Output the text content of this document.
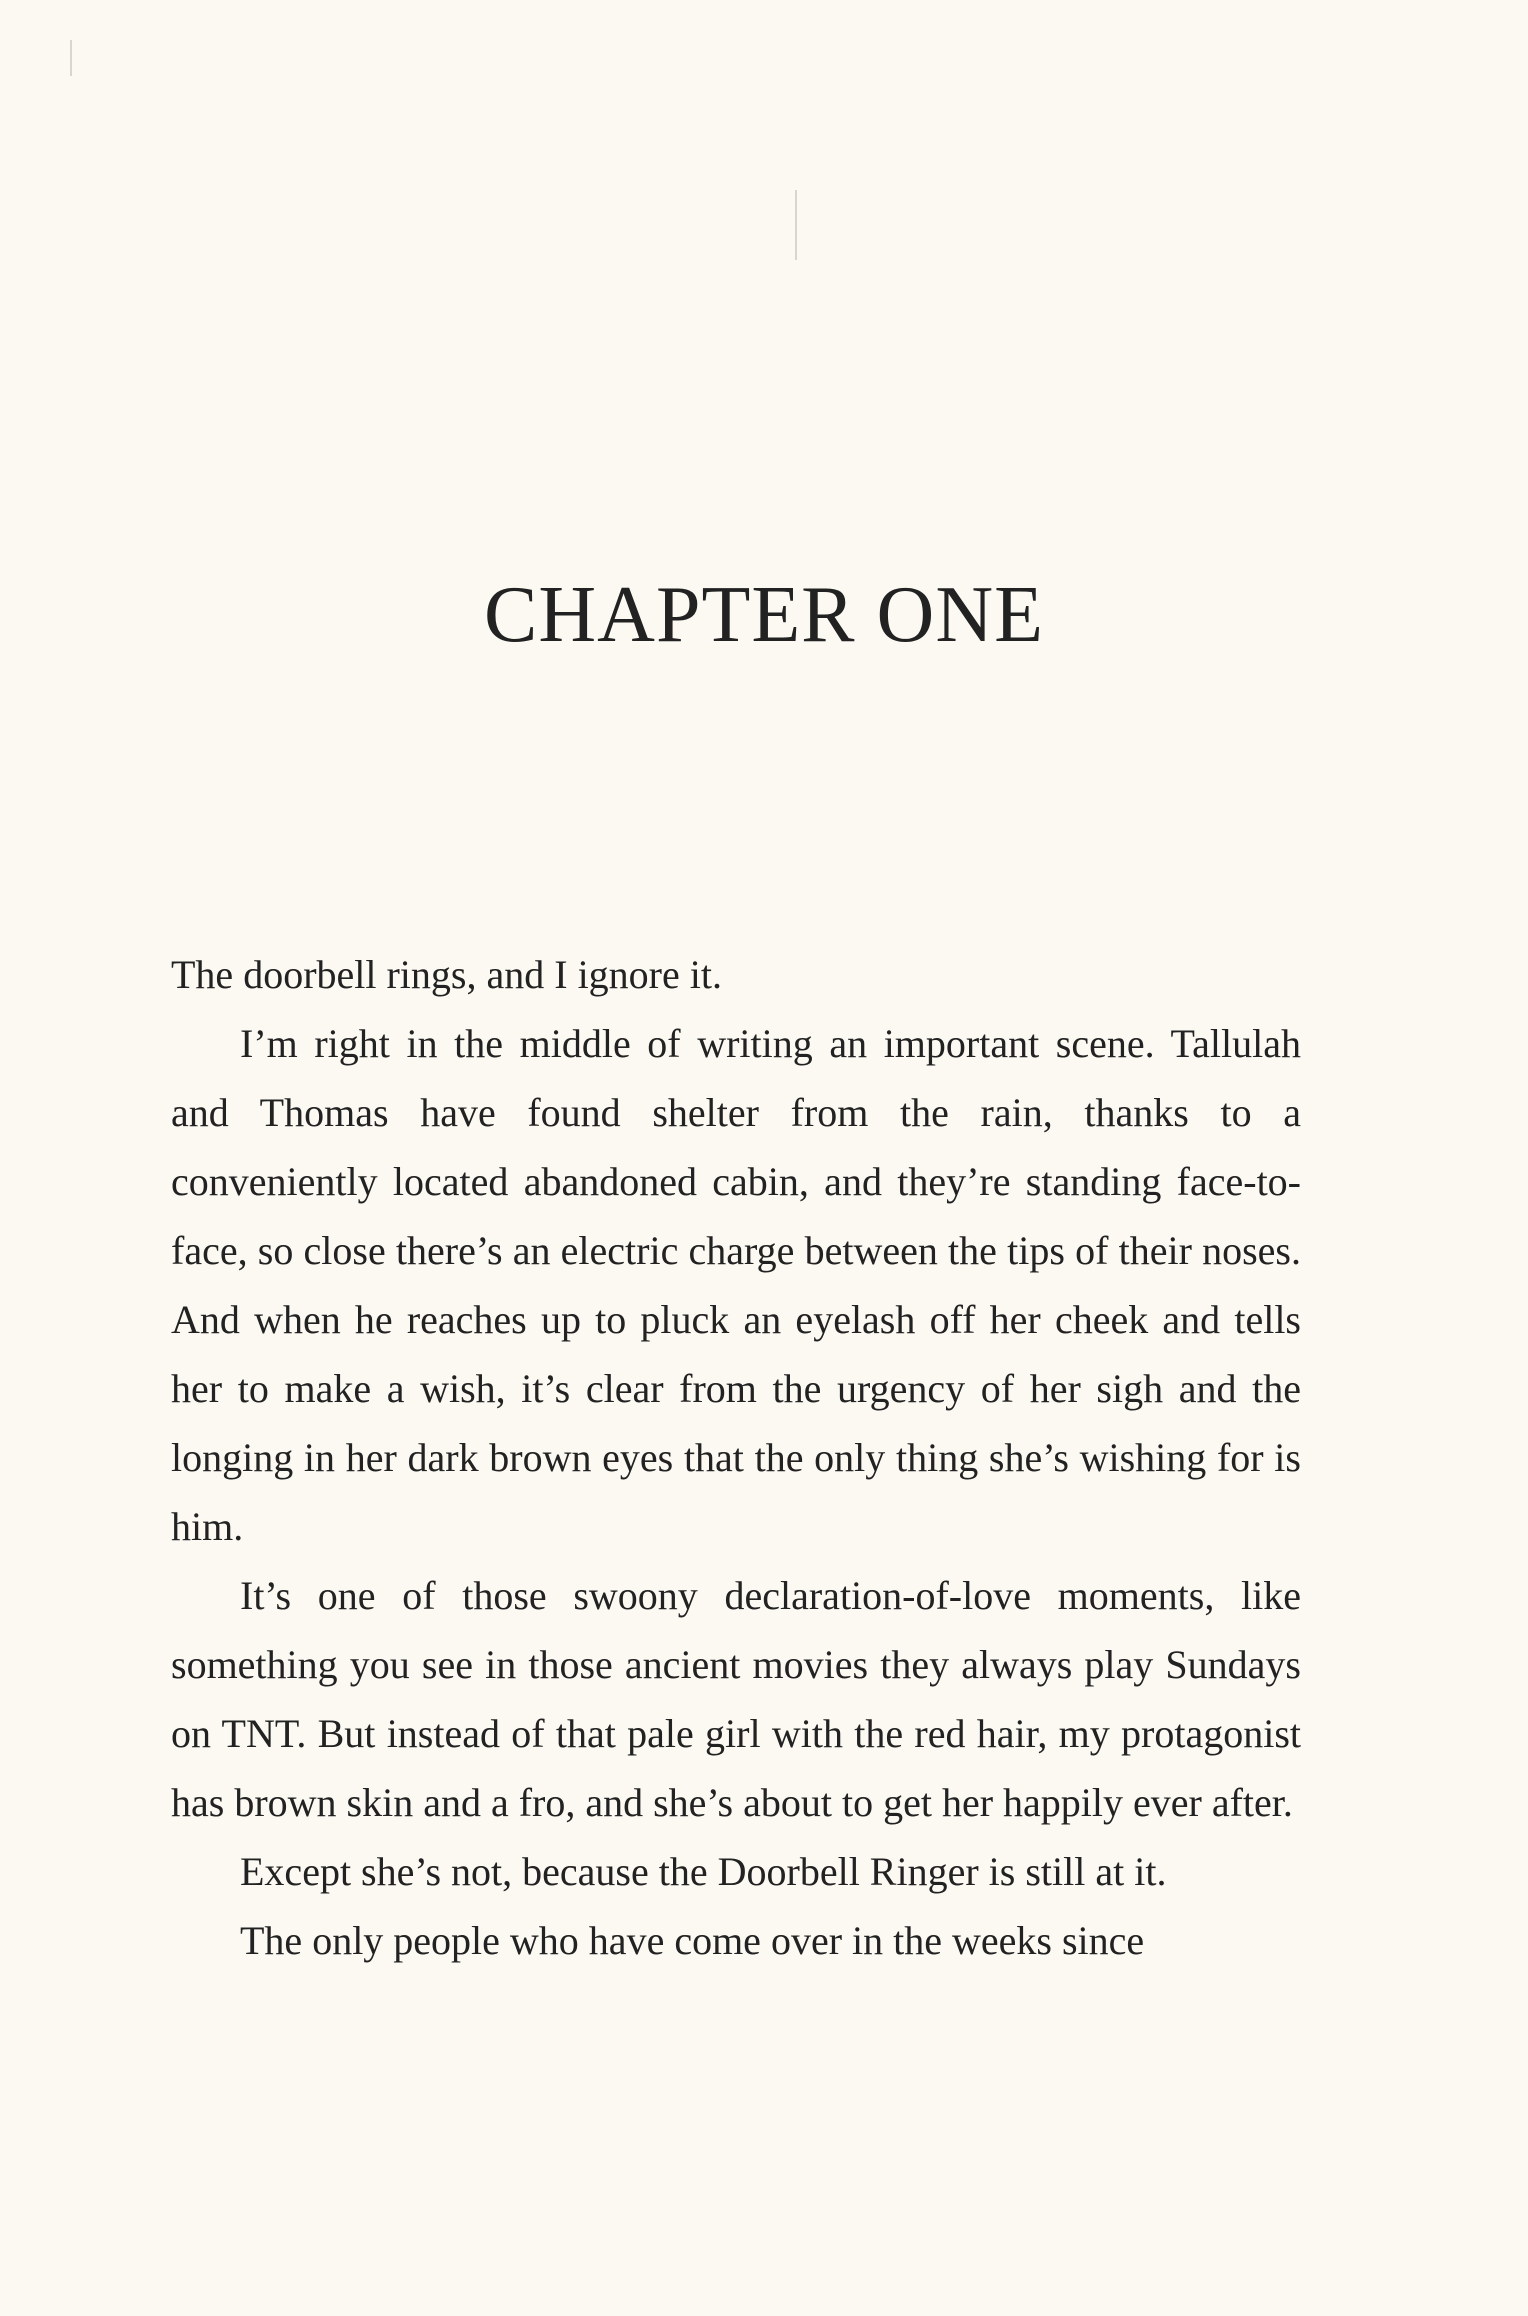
CHAPTER ONE

The doorbell rings, and I ignore it.

I’m right in the middle of writing an important scene. Tallulah and Thomas have found shelter from the rain, thanks to a conveniently located abandoned cabin, and they’re standing face-to-face, so close there’s an electric charge between the tips of their noses. And when he reaches up to pluck an eyelash off her cheek and tells her to make a wish, it’s clear from the urgency of her sigh and the longing in her dark brown eyes that the only thing she’s wishing for is him.

It’s one of those swoony declaration-of-love moments, like something you see in those ancient movies they always play Sundays on TNT. But instead of that pale girl with the red hair, my protagonist has brown skin and a fro, and she’s about to get her happily ever after.

Except she’s not, because the Doorbell Ringer is still at it.

The only people who have come over in the weeks since
